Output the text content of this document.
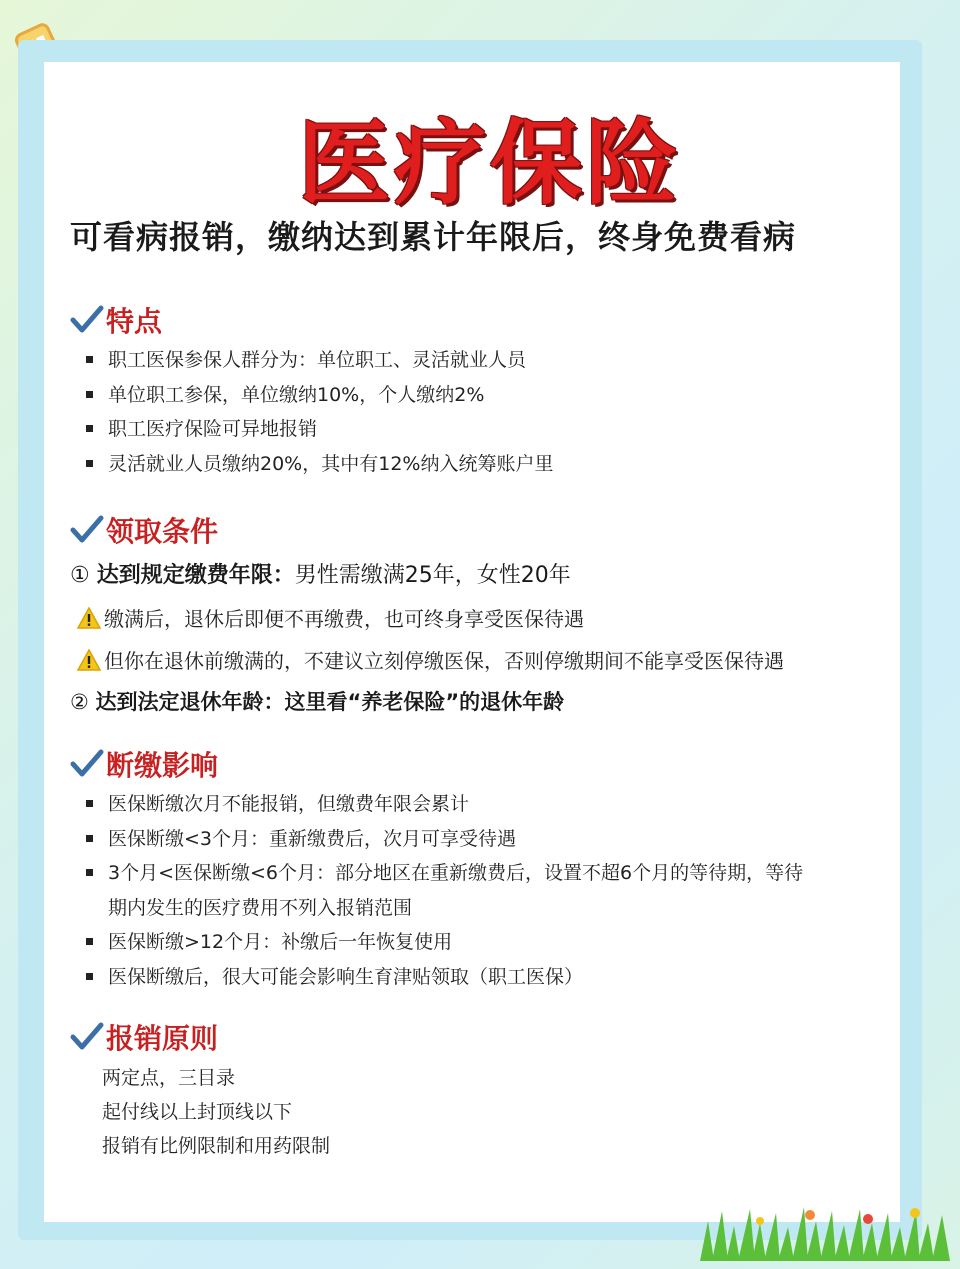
医疗保险
可看病报销，缴纳达到累计年限后，终身免费看病
特点
职工医保参保人群分为：单位职工、灵活就业人员
单位职工参保，单位缴纳10%，个人缴纳2%
职工医疗保险可异地报销
灵活就业人员缴纳20%，其中有12%纳入统筹账户里
领取条件
① 达到规定缴费年限：男性需缴满25年，女性20年
缴满后，退休后即便不再缴费，也可终身享受医保待遇
但你在退休前缴满的，不建议立刻停缴医保，否则停缴期间不能享受医保待遇
② 达到法定退休年龄：这里看“养老保险”的退休年龄
断缴影响
医保断缴次月不能报销，但缴费年限会累计
医保断缴<3个月：重新缴费后，次月可享受待遇
3个月<医保断缴<6个月：部分地区在重新缴费后，设置不超6个月的等待期，等待
期内发生的医疗费用不列入报销范围
医保断缴>12个月：补缴后一年恢复使用
医保断缴后，很大可能会影响生育津贴领取（职工医保）
报销原则
两定点，三目录
起付线以上封顶线以下
报销有比例限制和用药限制
